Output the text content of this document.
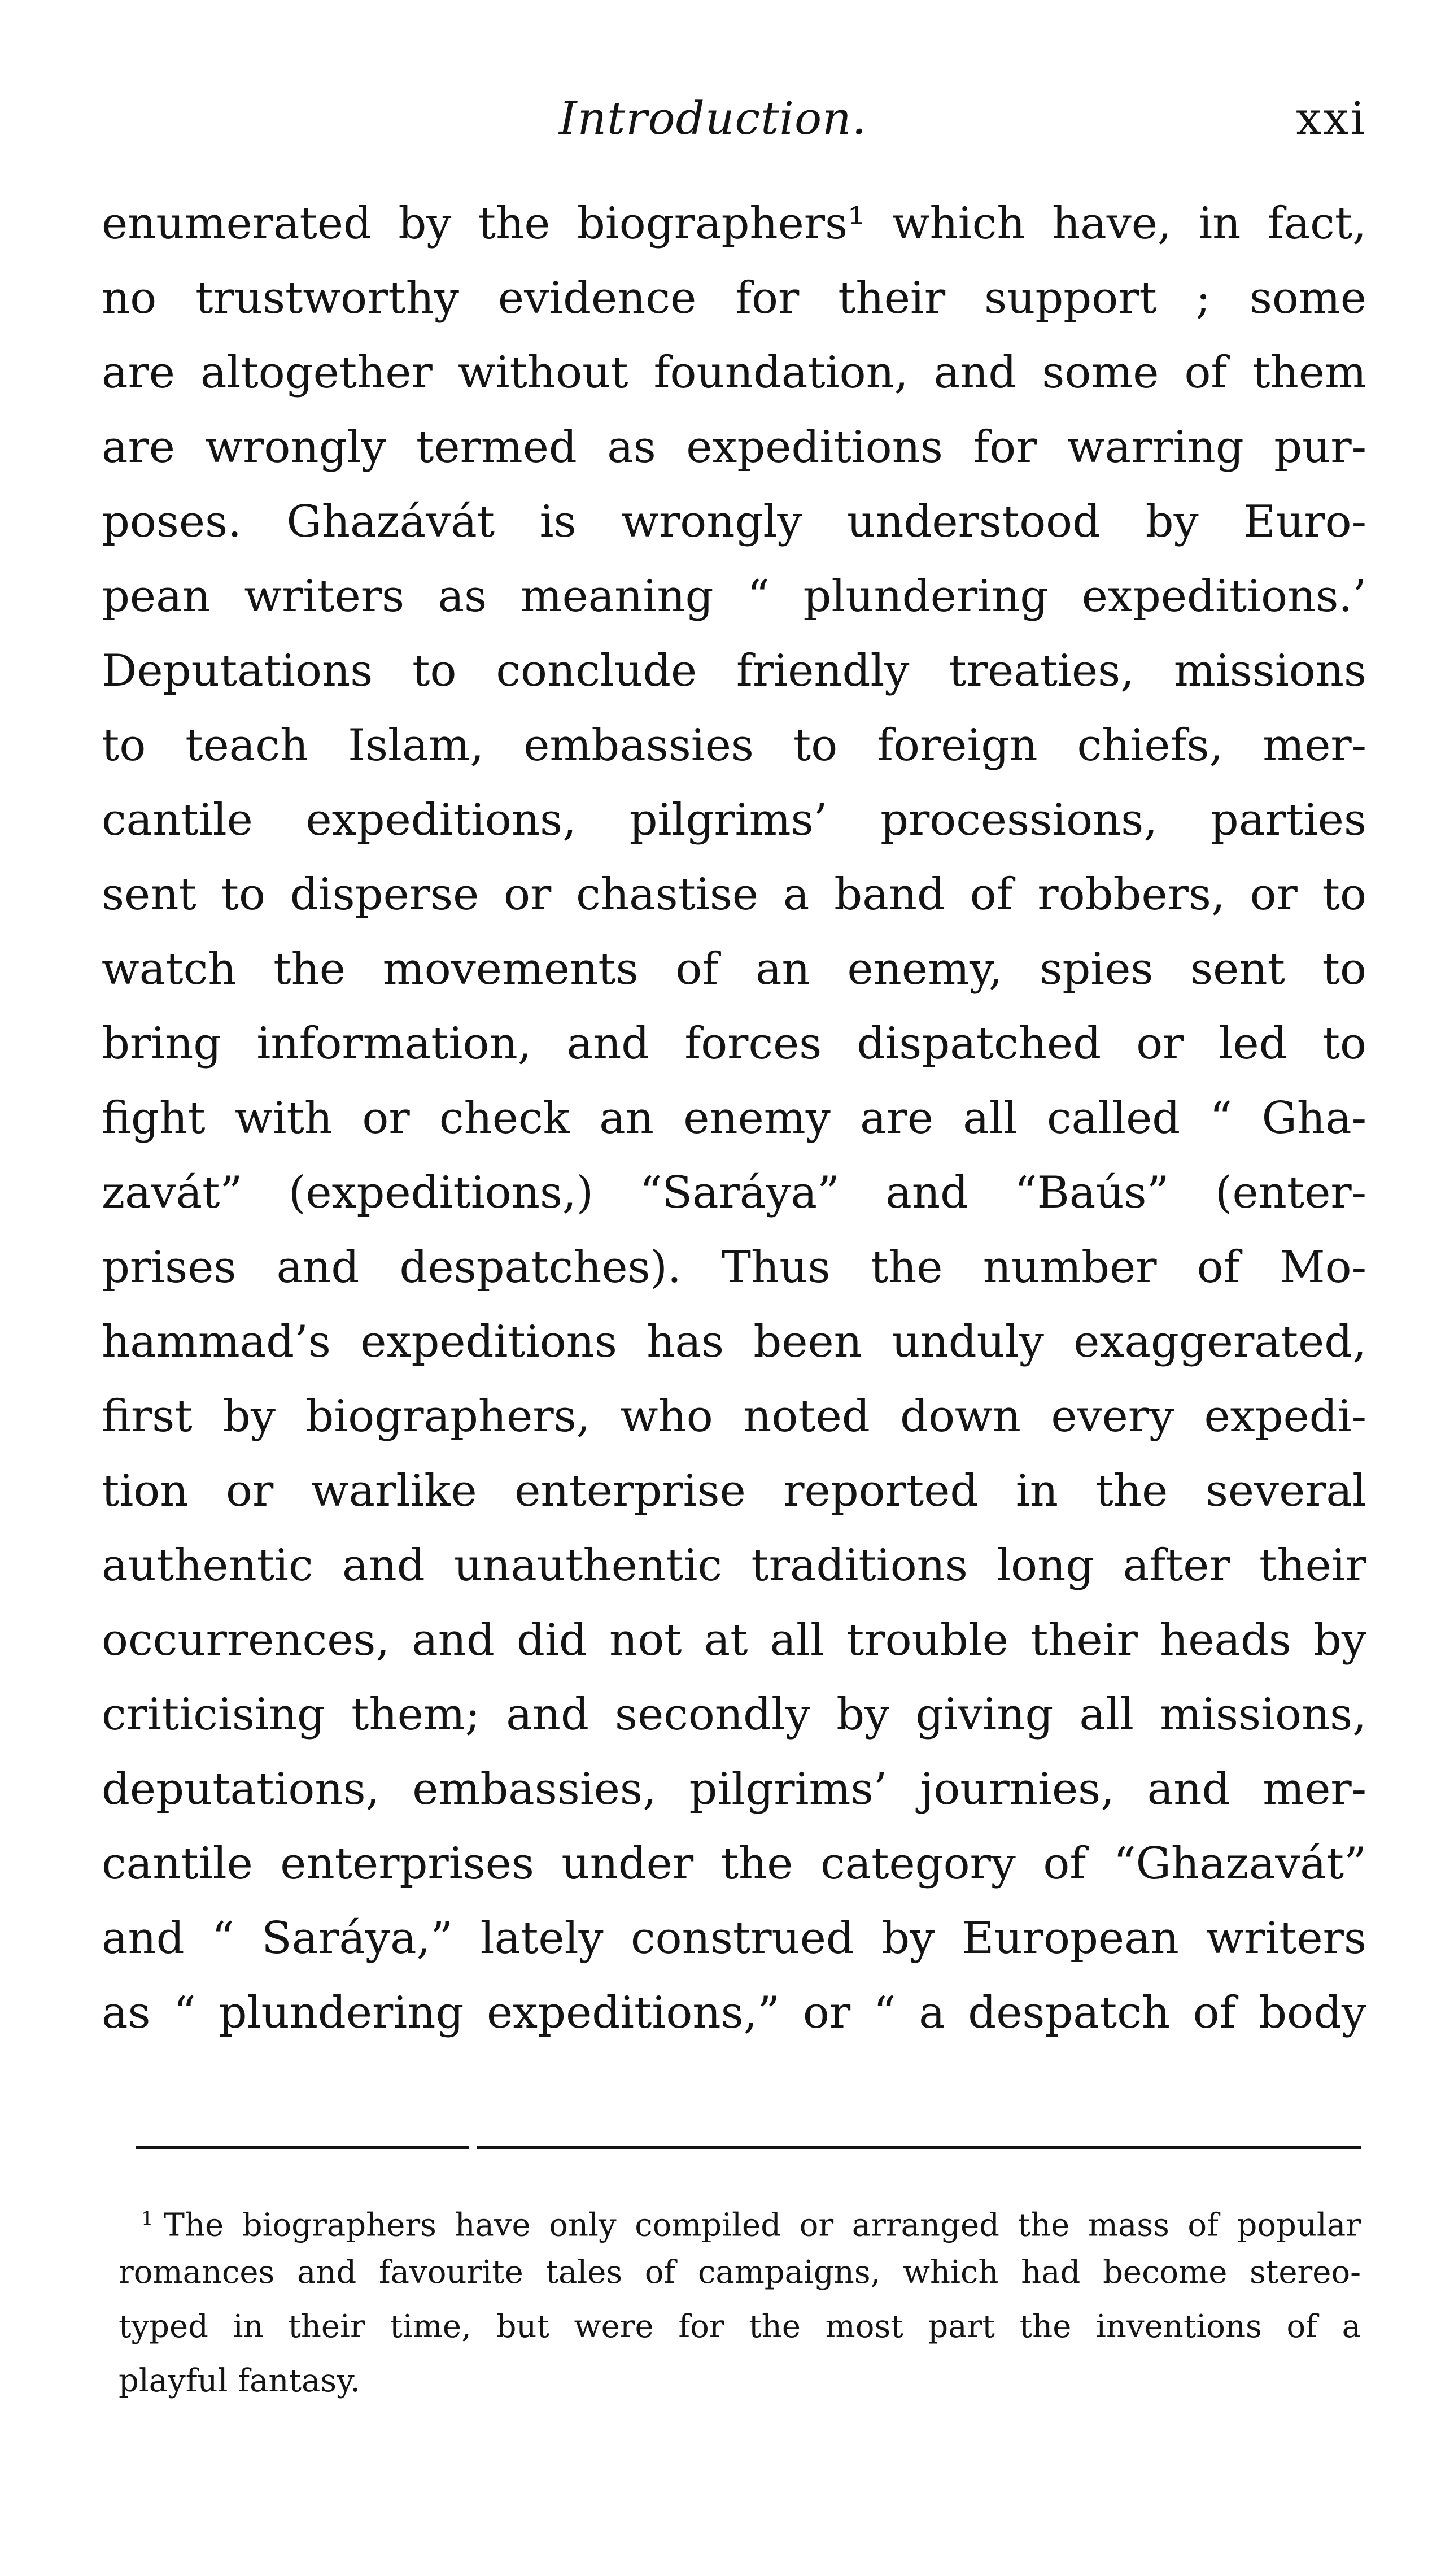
Introduction.	xxi
enumerated by the biographers¹ which have, in fact,
no trustworthy evidence for their support ; some
are altogether without foundation, and some of them
are wrongly termed as expeditions for warring pur-
poses. Ghazávát is wrongly understood by Euro-
pean writers as meaning “ plundering expeditions.’
Deputations to conclude friendly treaties, missions
to teach Islam, embassies to foreign chiefs, mer-
cantile expeditions, pilgrims’ processions, parties
sent to disperse or chastise a band of robbers, or to
watch the movements of an enemy, spies sent to
bring information, and forces dispatched or led to
fight with or check an enemy are all called “ Gha-
zavát” (expeditions,) “Saráya” and “Baús” (enter-
prises and despatches). Thus the number of Mo-
hammad’s expeditions has been unduly exaggerated,
first by biographers, who noted down every expedi-
tion or warlike enterprise reported in the several
authentic and unauthentic traditions long after their
occurrences, and did not at all trouble their heads by
criticising them; and secondly by giving all missions,
deputations, embassies, pilgrims’ journies, and mer-
cantile enterprises under the category of “Ghazavát”
and “ Saráya,” lately construed by European writers
as “ plundering expeditions,” or “ a despatch of body
$^1$ The biographers have only compiled or arranged the mass of popular
romances and favourite tales of campaigns, which had become stereo-
typed in their time, but were for the most part the inventions of a
playful fantasy.
